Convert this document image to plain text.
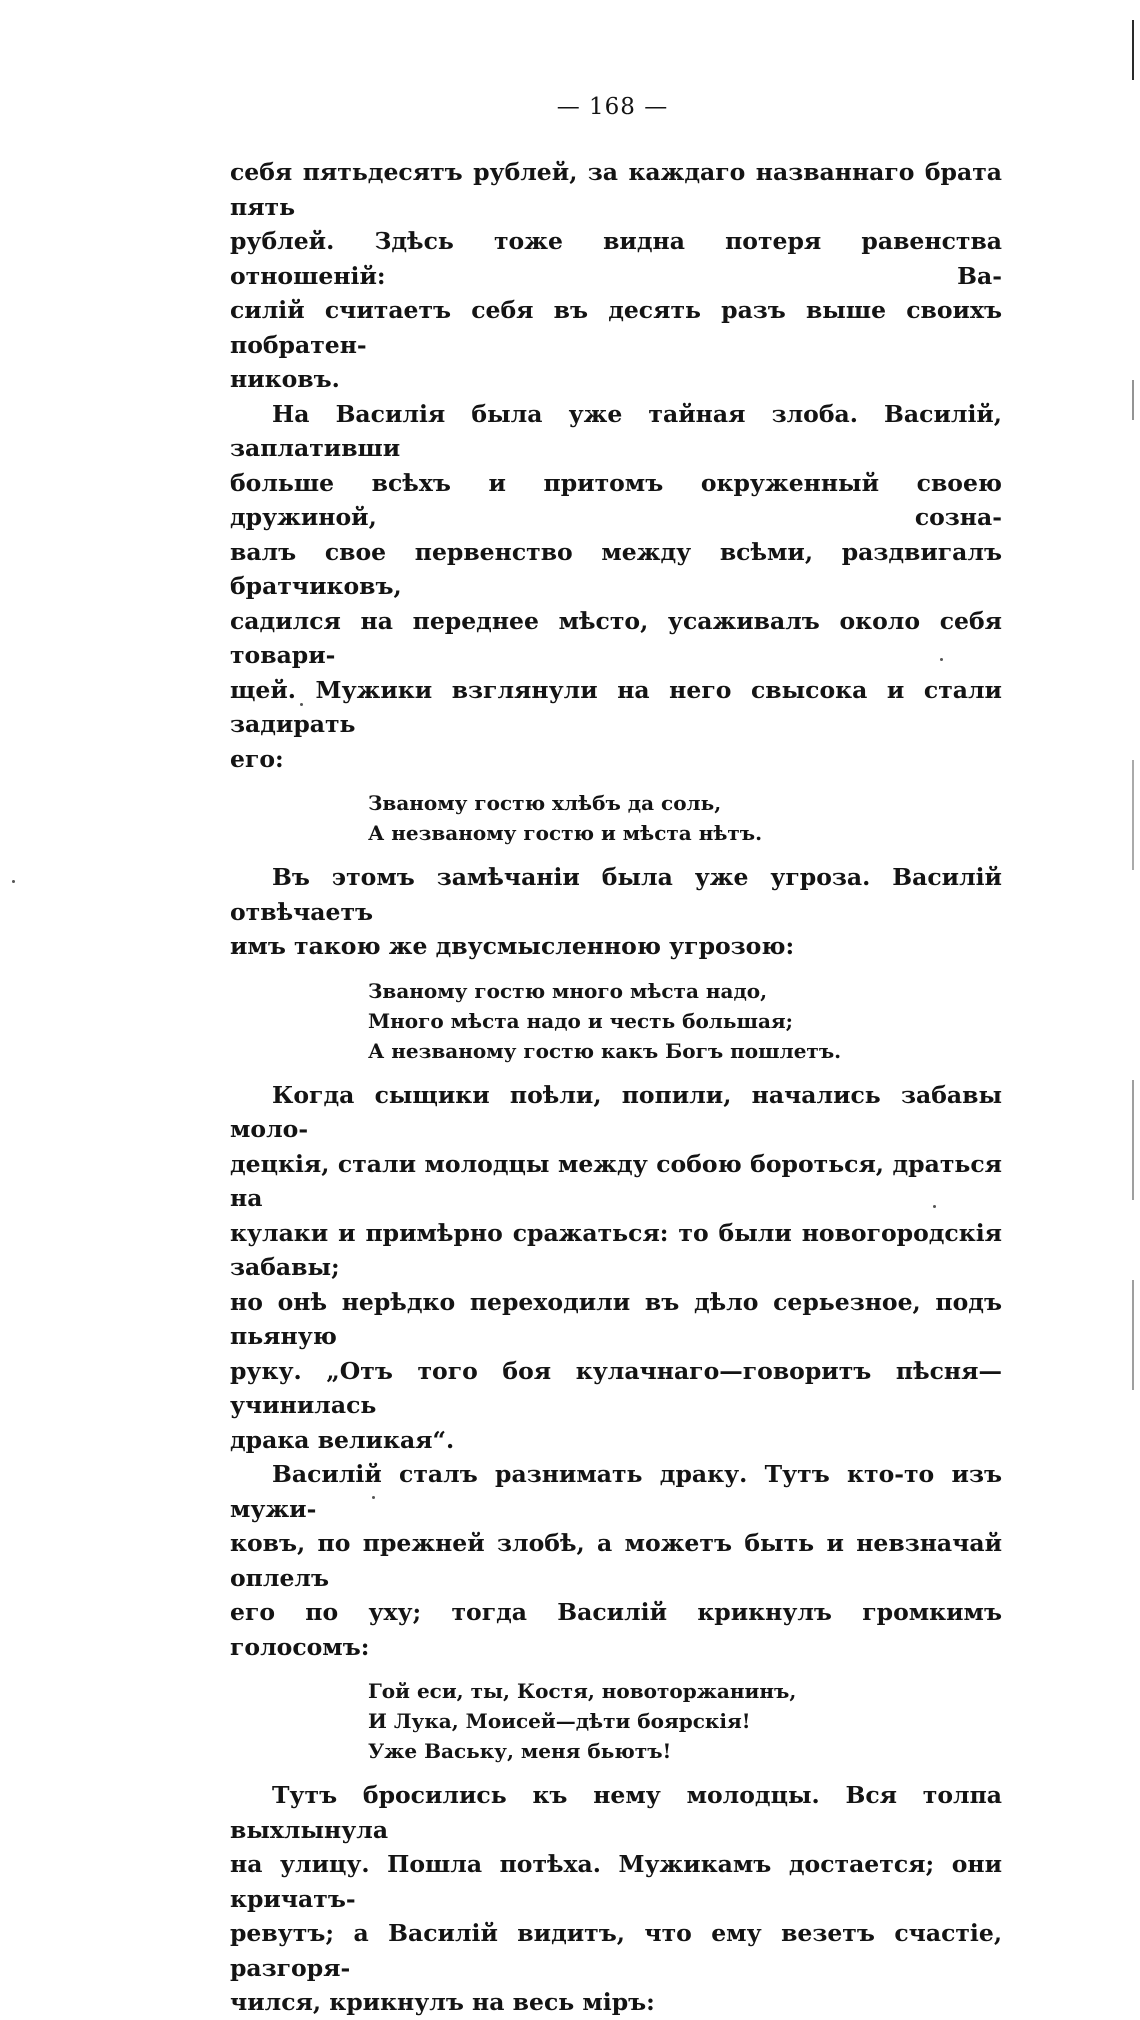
— 168 —
себя пятьдесятъ рублей, за каждаго названнаго брата пять
рублей. Здѣсь тоже видна потеря равенства отношеній: Ва-
силій считаетъ себя въ десять разъ выше своихъ побратен-
никовъ.
На Василія была уже тайная злоба. Василій, заплативши
больше всѣхъ и притомъ окруженный своею дружиной, созна-
валъ свое первенство между всѣми, раздвигалъ братчиковъ,
садился на переднее мѣсто, усаживалъ около себя товари-
щей. Мужики взглянули на него свысока и стали задирать
его:
Званому гостю хлѣбъ да соль,
А незваному гостю и мѣста нѣтъ.
Въ этомъ замѣчаніи была уже угроза. Василій отвѣчаетъ
имъ такою же двусмысленною угрозою:
Званому гостю много мѣста надо,
Много мѣста надо и честь большая;
А незваному гостю какъ Богъ пошлетъ.
Когда сыщики поѣли, попили, начались забавы моло-
децкія, стали молодцы между собою бороться, драться на
кулаки и примѣрно сражаться: то были новогородскія забавы;
но онѣ нерѣдко переходили въ дѣло серьезное, подъ пьяную
руку. „Отъ того боя кулачнаго—говоритъ пѣсня—учинилась
драка великая“.
Василій сталъ разнимать драку. Тутъ кто-то изъ мужи-
ковъ, по прежней злобѣ, а можетъ быть и невзначай оплелъ
его по уху; тогда Василій крикнулъ громкимъ голосомъ:
Гой еси, ты, Костя, новоторжанинъ,
И Лука, Моисей—дѣти боярскія!
Уже Ваську, меня бьютъ!
Тутъ бросились къ нему молодцы. Вся толпа выхлынула
на улицу. Пошла потѣха. Мужикамъ достается; они кричатъ-
ревутъ; а Василій видитъ, что ему везетъ счастіе, разгоря-
чился, крикнулъ на весь міръ:
